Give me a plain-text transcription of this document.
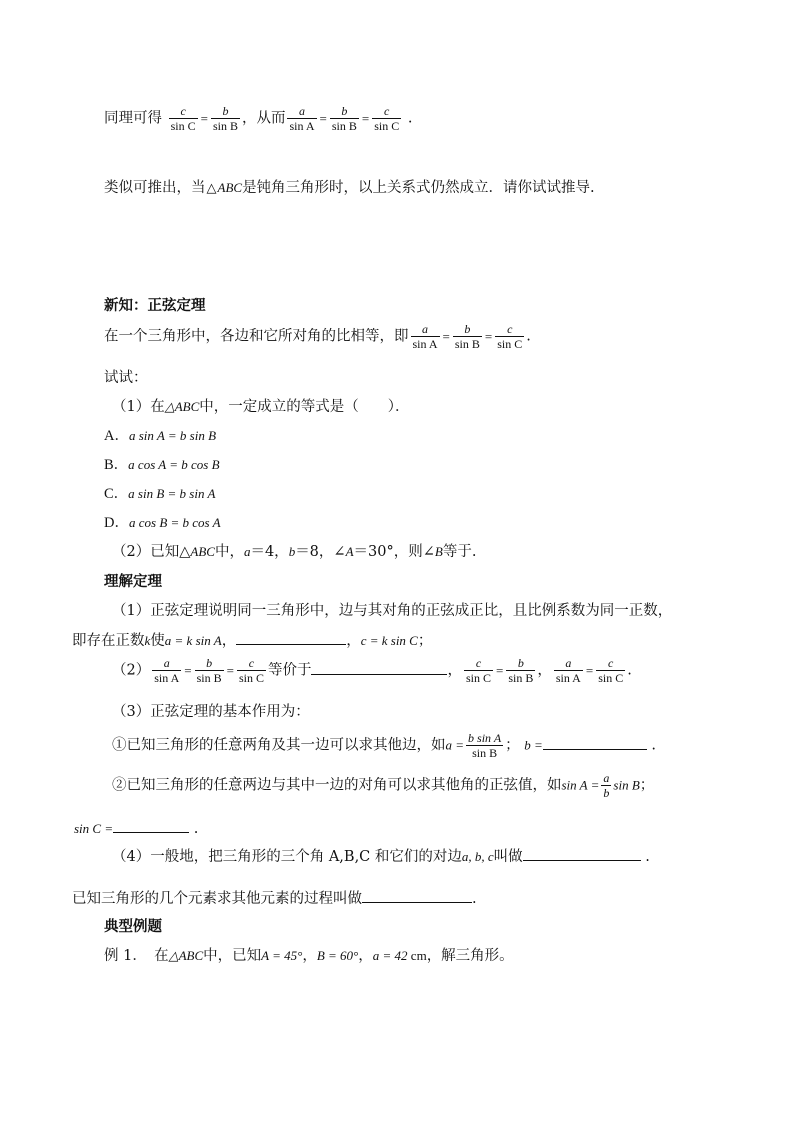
同理可得 $\frac{c}{\text{sin C}} = \frac{b}{\text{sin B}}$ ，从而 $\frac{a}{\text{sin A}} = \frac{b}{\text{sin B}} = \frac{c}{\text{sin C}}$ .
类似可推出，当△ABC是钝角三角形时，以上关系式仍然成立．请你试试推导.
新知：正弦定理
在一个三角形中，各边和它所对角的比相等，即 $\frac{a}{\text{sin A}} = \frac{b}{\text{sin B}} = \frac{c}{\text{sin C}}$ .
试试：
（1）在△ABC中，一定成立的等式是（　　）．
A．a sin A = b sin B
B．a cos A = b cos B
C．a sin B = b sin A
D．a cos B = b cos A
（2）已知△ABC中，a＝4，b＝8，∠A＝30°，则∠B等于.
理解定理
（1）正弦定理说明同一三角形中，边与其对角的正弦成正比，且比例系数为同一正数，
即存在正数k使a = k sin A，	，c = k sin C；
$(2) \frac{a}{\text{sin A}} = \frac{b}{\text{sin B}} = \frac{c}{\text{sin C}}$ 等价于	， $\frac{c}{\text{sin C}} = \frac{b}{\text{sin B}}$ ， $\frac{a}{\text{sin A}} = \frac{c}{\text{sin C}}$ .
（3）正弦定理的基本作用为：
①已知三角形的任意两角及其一边可以求其他边，如$a = \frac{\text{b sin A}}{\text{sin B}}$ ； b =	.
②已知三角形的任意两边与其中一边的对角可以求其他角的正弦值，如$\sin A = \frac{a}{b}$ sin B；
sin C =	.
（4）一般地，把三角形的三个角 A,B,C 和它们的对边a, b, c叫做	.
已知三角形的几个元素求其他元素的过程叫做	.
典型例题
例 1．　在△ABC中，已知A = 45°，B = 60°，a = 42 cm，解三角形。
